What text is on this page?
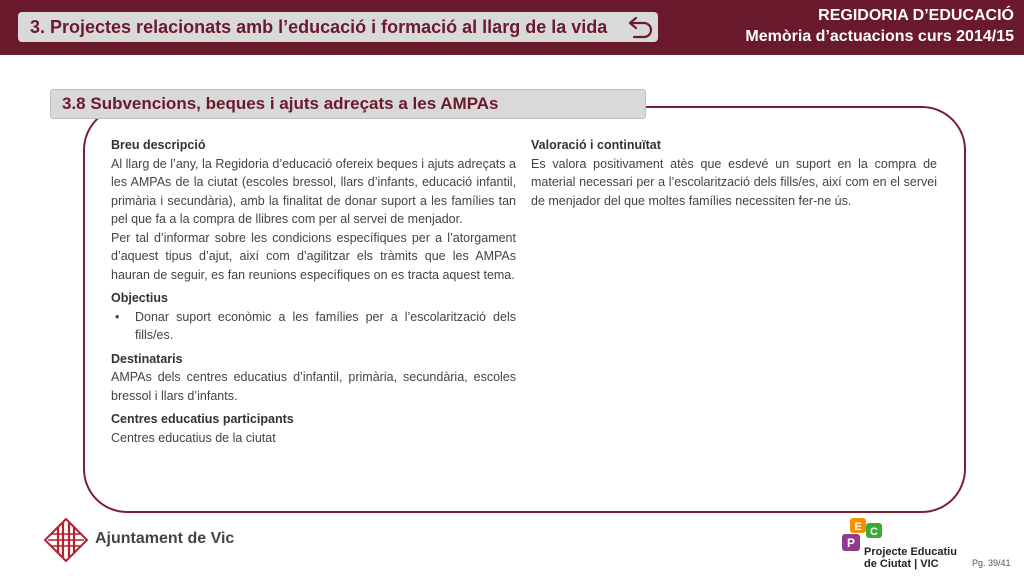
3. Projectes relacionats amb l’educació i formació al llarg de la vida
REGIDORIA D’EDUCACIÓ
Memòria d’actuacions curs 2014/15
3.8 Subvencions, beques i ajuts adreçats a les AMPAs
Breu descripció

Al llarg de l’any, la Regidoria d’educació ofereix beques i ajuts adreçats a les AMPAs de la ciutat (escoles bressol, llars d’infants, educació infantil, primària i secundària), amb la finalitat de donar suport a les famílies tan pel que fa a la compra de llibres com per al servei de menjador.

Per tal d’informar sobre les condicions específiques per a l’atorgament d’aquest tipus d’ajut, així com d’agilitzar els tràmits que les AMPAs hauran de seguir, es fan reunions específiques on es tracta aquest tema.

Objectius
• Donar suport econòmic a les famílies per a l’escolarització dels fills/es.
Destinataris

AMPAs dels centres educatius d’infantil, primària, secundària, escoles bressol i llars d’infants.

Centres educatius participants

Centres educatius de la ciutat

Valoració i continuïtat

Es valora positivament atès que esdevé un suport en la compra de material necessari per a l’escolarització dels fills/es, així com en el servei de menjador del que moltes famílies necessiten fer-ne ús.

Ajuntament de Vic
E C
P
Projecte Educatiu
de Ciutat | VIC	Pg. 39/41
